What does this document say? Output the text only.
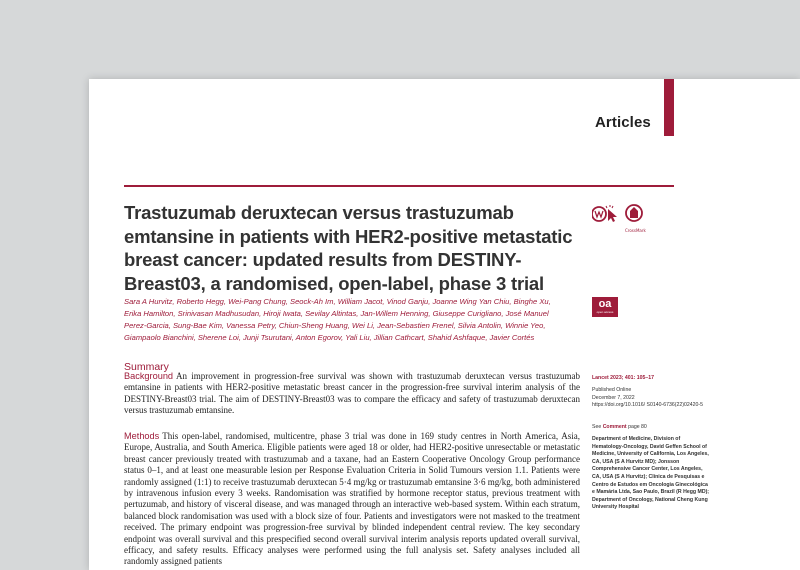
Articles
Trastuzumab deruxtecan versus trastuzumab emtansine in patients with HER2-positive metastatic breast cancer: updated results from DESTINY-Breast03, a randomised, open-label, phase 3 trial
CrossMark
oa
open access

Sara A Hurvitz, Roberto Hegg, Wei-Pang Chung, Seock-Ah Im, William Jacot, Vinod Ganju, Joanne Wing Yan Chiu, Binghe Xu, Erika Hamilton, Srinivasan Madhusudan, Hiroji Iwata, Sevilay Altintas, Jan-Willem Henning, Giuseppe Curigliano, José Manuel Perez-Garcia, Sung-Bae Kim, Vanessa Petry, Chiun-Sheng Huang, Wei Li, Jean-Sebastien Frenel, Silvia Antolin, Winnie Yeo, Giampaolo Bianchini, Sherene Loi, Junji Tsurutani, Anton Egorov, Yali Liu, Jillian Cathcart, Shahid Ashfaque, Javier Cortés

Summary

Background An improvement in progression-free survival was shown with trastuzumab deruxtecan versus trastuzumab emtansine in patients with HER2-positive metastatic breast cancer in the progression-free survival interim analysis of the DESTINY-Breast03 trial. The aim of DESTINY-Breast03 was to compare the efficacy and safety of trastuzumab deruxtecan versus trastuzumab emtansine.

Methods This open-label, randomised, multicentre, phase 3 trial was done in 169 study centres in North America, Asia, Europe, Australia, and South America. Eligible patients were aged 18 or older, had HER2-positive unresectable or metastatic breast cancer previously treated with trastuzumab and a taxane, had an Eastern Cooperative Oncology Group performance status 0–1, and at least one measurable lesion per Response Evaluation Criteria in Solid Tumours version 1.1. Patients were randomly assigned (1:1) to receive trastuzumab deruxtecan 5·4 mg/kg or trastuzumab emtansine 3·6 mg/kg, both administered by intravenous infusion every 3 weeks. Randomisation was stratified by hormone receptor status, previous treatment with pertuzumab, and history of visceral disease, and was managed through an interactive web-based system. Within each stratum, balanced block randomisation was used with a block size of four. Patients and investigators were not masked to the treatment received. The primary endpoint was progression-free survival by blinded independent central review. The key secondary endpoint was overall survival and this prespecified second overall survival interim analysis reports updated overall survival, efficacy, and safety results. Efficacy analyses were performed using the full analysis set. Safety analyses included all randomly assigned patients

Lancet 2023; 401: 105–17
Published Online
December 7, 2022
https://doi.org/10.1016/ S0140-6736(22)02420-5
See Comment page 80
Department of Medicine, Division of Hematology-Oncology, David Geffen School of Medicine, University of California, Los Angeles, CA, USA (S A Hurvitz MD); Jonsson Comprehensive Cancer Center, Los Angeles, CA, USA (S A Hurvitz); Clínica de Pesquisas e Centro de Estudos em Oncologia Ginecológica e Mamária Ltda, Sao Paulo, Brazil (R Hegg MD); Department of Oncology, National Cheng Kung University Hospital
